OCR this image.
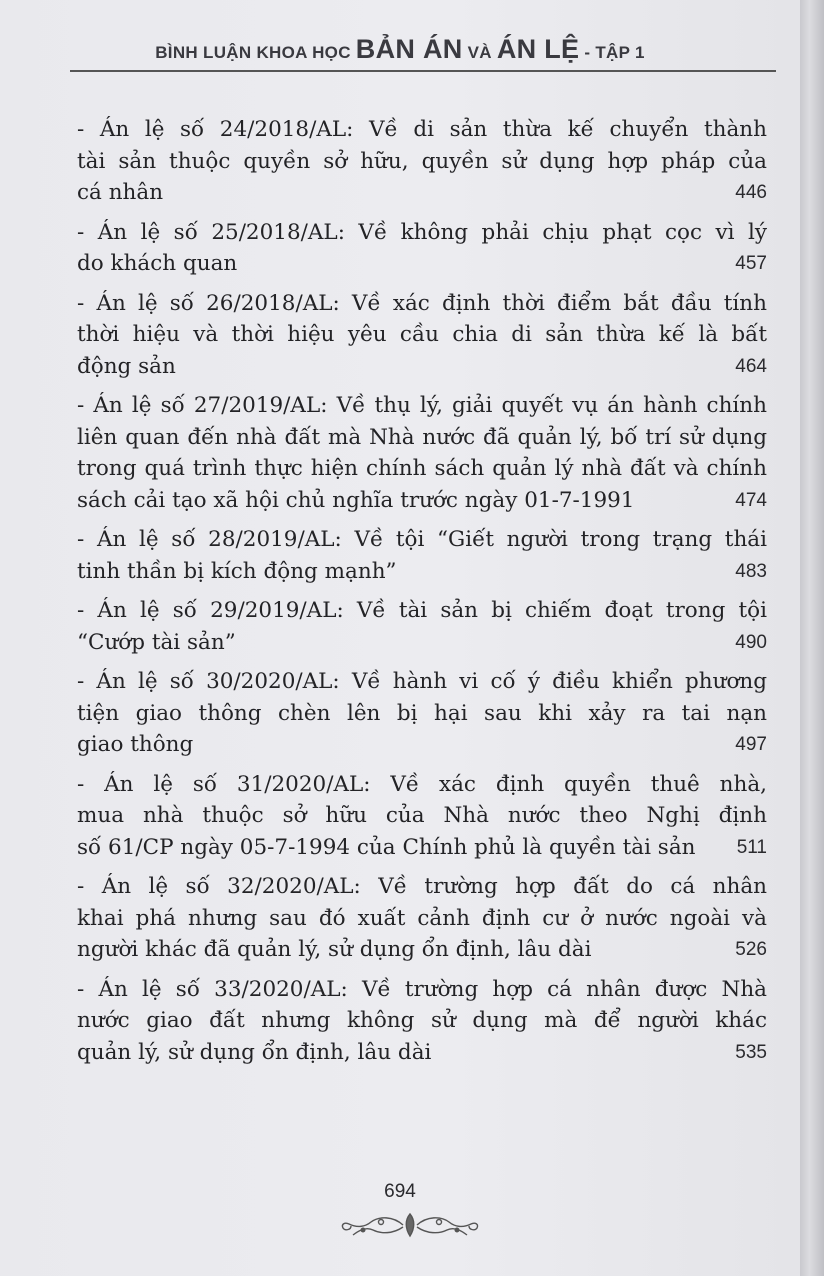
BÌNH LUẬN KHOA HỌC BẢN ÁN VÀ ÁN LỆ - TẬP 1
- Án lệ số 24/2018/AL: Về di sản thừa kế chuyển thành
tài sản thuộc quyền sở hữu, quyền sử dụng hợp pháp của
cá nhân	446
- Án lệ số 25/2018/AL: Về không phải chịu phạt cọc vì lý
do khách quan	457
- Án lệ số 26/2018/AL: Về xác định thời điểm bắt đầu tính
thời hiệu và thời hiệu yêu cầu chia di sản thừa kế là bất
động sản	464
- Án lệ số 27/2019/AL: Về thụ lý, giải quyết vụ án hành chính
liên quan đến nhà đất mà Nhà nước đã quản lý, bố trí sử dụng
trong quá trình thực hiện chính sách quản lý nhà đất và chính
sách cải tạo xã hội chủ nghĩa trước ngày 01-7-1991	474
- Án lệ số 28/2019/AL: Về tội “Giết người trong trạng thái
tinh thần bị kích động mạnh”	483
- Án lệ số 29/2019/AL: Về tài sản bị chiếm đoạt trong tội
“Cướp tài sản”	490
- Án lệ số 30/2020/AL: Về hành vi cố ý điều khiển phương
tiện giao thông chèn lên bị hại sau khi xảy ra tai nạn
giao thông	497
- Án lệ số 31/2020/AL: Về xác định quyền thuê nhà,
mua nhà thuộc sở hữu của Nhà nước theo Nghị định
số 61/CP ngày 05-7-1994 của Chính phủ là quyền tài sản 511
- Án lệ số 32/2020/AL: Về trường hợp đất do cá nhân
khai phá nhưng sau đó xuất cảnh định cư ở nước ngoài và
người khác đã quản lý, sử dụng ổn định, lâu dài	526
- Án lệ số 33/2020/AL: Về trường hợp cá nhân được Nhà
nước giao đất nhưng không sử dụng mà để người khác
quản lý, sử dụng ổn định, lâu dài	535
694
